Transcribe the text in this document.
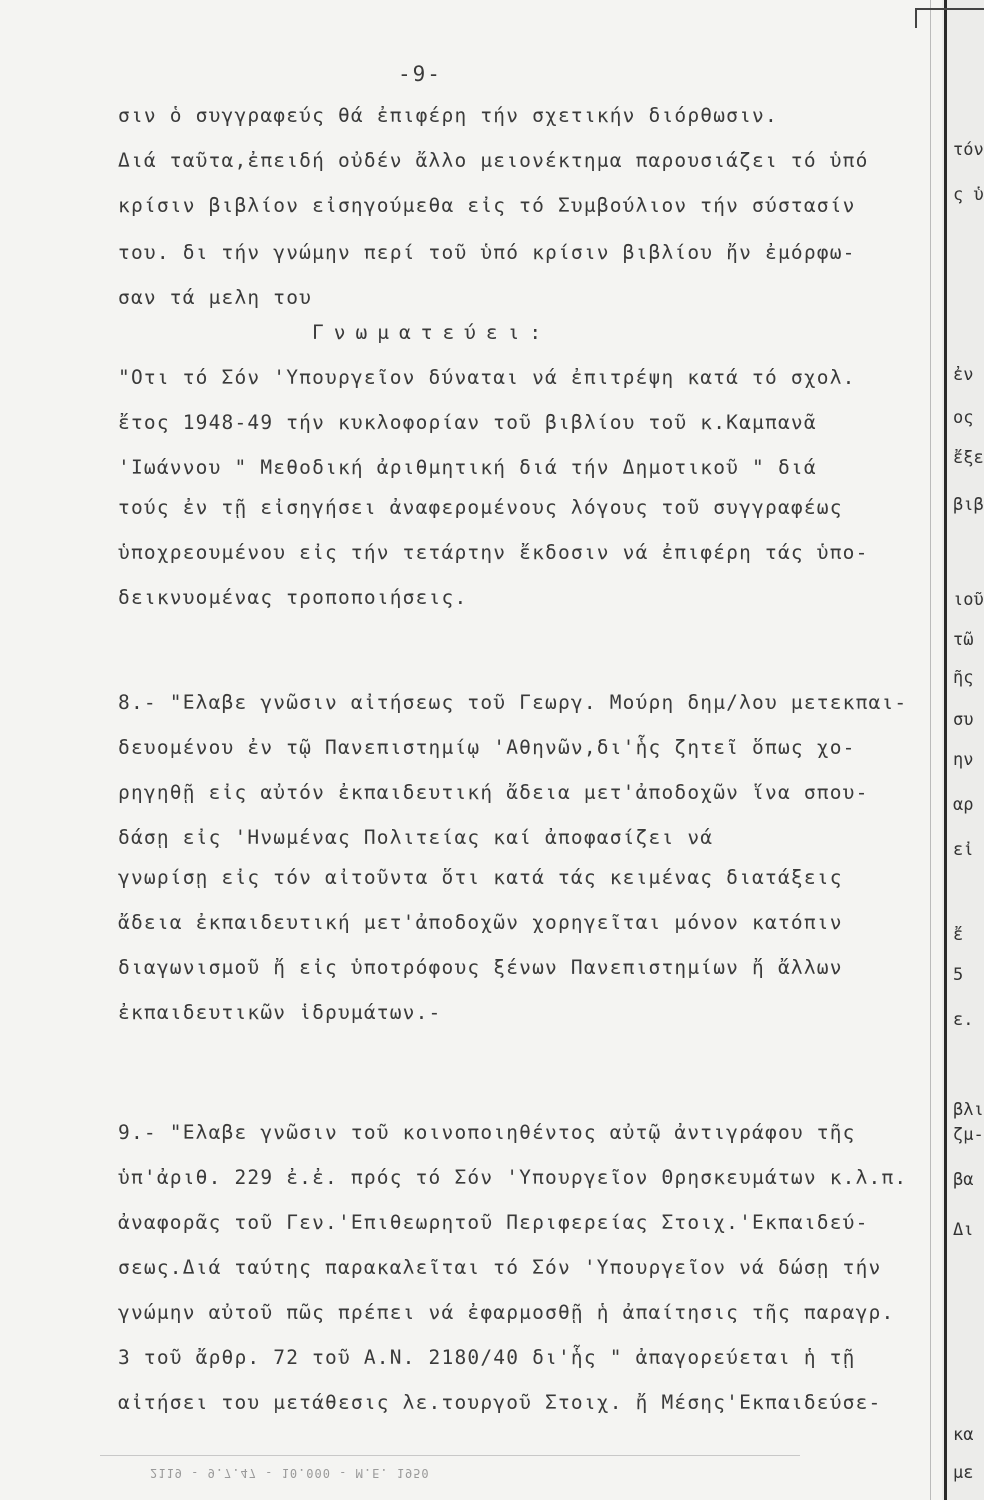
-9-
σιν ὁ συγγραφεύς θά ἐπιφέρη τήν σχετικήν διόρθωσιν.
Διά ταῦτα,ἐπειδή οὐδέν ἄλλο μειονέκτημα παρουσιάζει τό ὑπό
κρίσιν βιβλίον εἰσηγούμεθα εἰς τό Συμβούλιον τήν σύστασίν
του. δι τήν γνώμην περί τοῦ ὑπό κρίσιν βιβλίου ἤν ἐμόρφω-
σαν τά μελη του
Γνωματεύει:
"Οτι τό Σόν 'Υπουργεῖον δύναται νά ἐπιτρέψη κατά τό σχολ.
ἔτος 1948-49 τήν κυκλοφορίαν τοῦ βιβλίου τοῦ κ.Καμπανᾶ
'Ιωάννου " Μεθοδική ἀριθμητική διά τήν Δημοτικοῦ " διά
τούς ἐν τῇ εἰσηγήσει ἀναφερομένους λόγους τοῦ συγγραφέως
ὑποχρεουμένου εἰς τήν τετάρτην ἔκδοσιν νά ἐπιφέρη τάς ὑπο-
δεικνυομένας τροποποιήσεις.
8.- "Ελαβε γνῶσιν αἰτήσεως τοῦ Γεωργ. Μούρη δημ/λου μετεκπαι-
δευομένου ἐν τῷ Πανεπιστημίῳ 'Αθηνῶν,δι'ἧς ζητεῖ ὅπως χο-
ρηγηθῇ εἰς αὐτόν ἐκπαιδευτική ἄδεια μετ'ἀποδοχῶν ἵνα σπου-
δάσῃ εἰς 'Ηνωμένας Πολιτείας καί ἀποφασίζει νά
γνωρίσῃ εἰς τόν αἰτοῦντα ὅτι κατά τάς κειμένας διατάξεις
ἄδεια ἐκπαιδευτική μετ'ἀποδοχῶν χορηγεῖται μόνον κατόπιν
διαγωνισμοῦ ἤ εἰς ὑποτρόφους ξένων Πανεπιστημίων ἤ ἄλλων
ἐκπαιδευτικῶν ἱδρυμάτων.-
9.- "Ελαβε γνῶσιν τοῦ κοινοποιηθέντος αὐτῷ ἀντιγράφου τῆς
ὑπ'ἀριθ. 229 ἐ.ἐ. πρός τό Σόν 'Υπουργεῖον Θρησκευμάτων κ.λ.π.
ἀναφορᾶς τοῦ Γεν.'Επιθεωρητοῦ Περιφερείας Στοιχ.'Εκπαιδεύ-
σεως.Διά ταύτης παρακαλεῖται τό Σόν 'Υπουργεῖον νά δώσῃ τήν
γνώμην αὐτοῦ πῶς πρέπει νά ἐφαρμοσθῇ ἡ ἀπαίτησις τῆς παραγρ.
3 τοῦ ἄρθρ. 72 τοῦ Α.Ν. 2180/40 δι'ἧς " ἀπαγορεύεται ἡ τῇ
αἰτήσει του μετάθεσις λε.τουργοῦ Στοιχ. ἤ Μέσης'Εκπαιδεύσε-
τόν
ς ὑ
ἐν
ος
ἔξε
βιβ
ιοῦ
τῶ
ῆς
συ
ην
αρ
εἰ
ἔ
5
ε.
βλι
ζμ-
βα
Δι
κα
με
2119 - 9.7.47 - 10.000 - Μ.Ε. 1950
